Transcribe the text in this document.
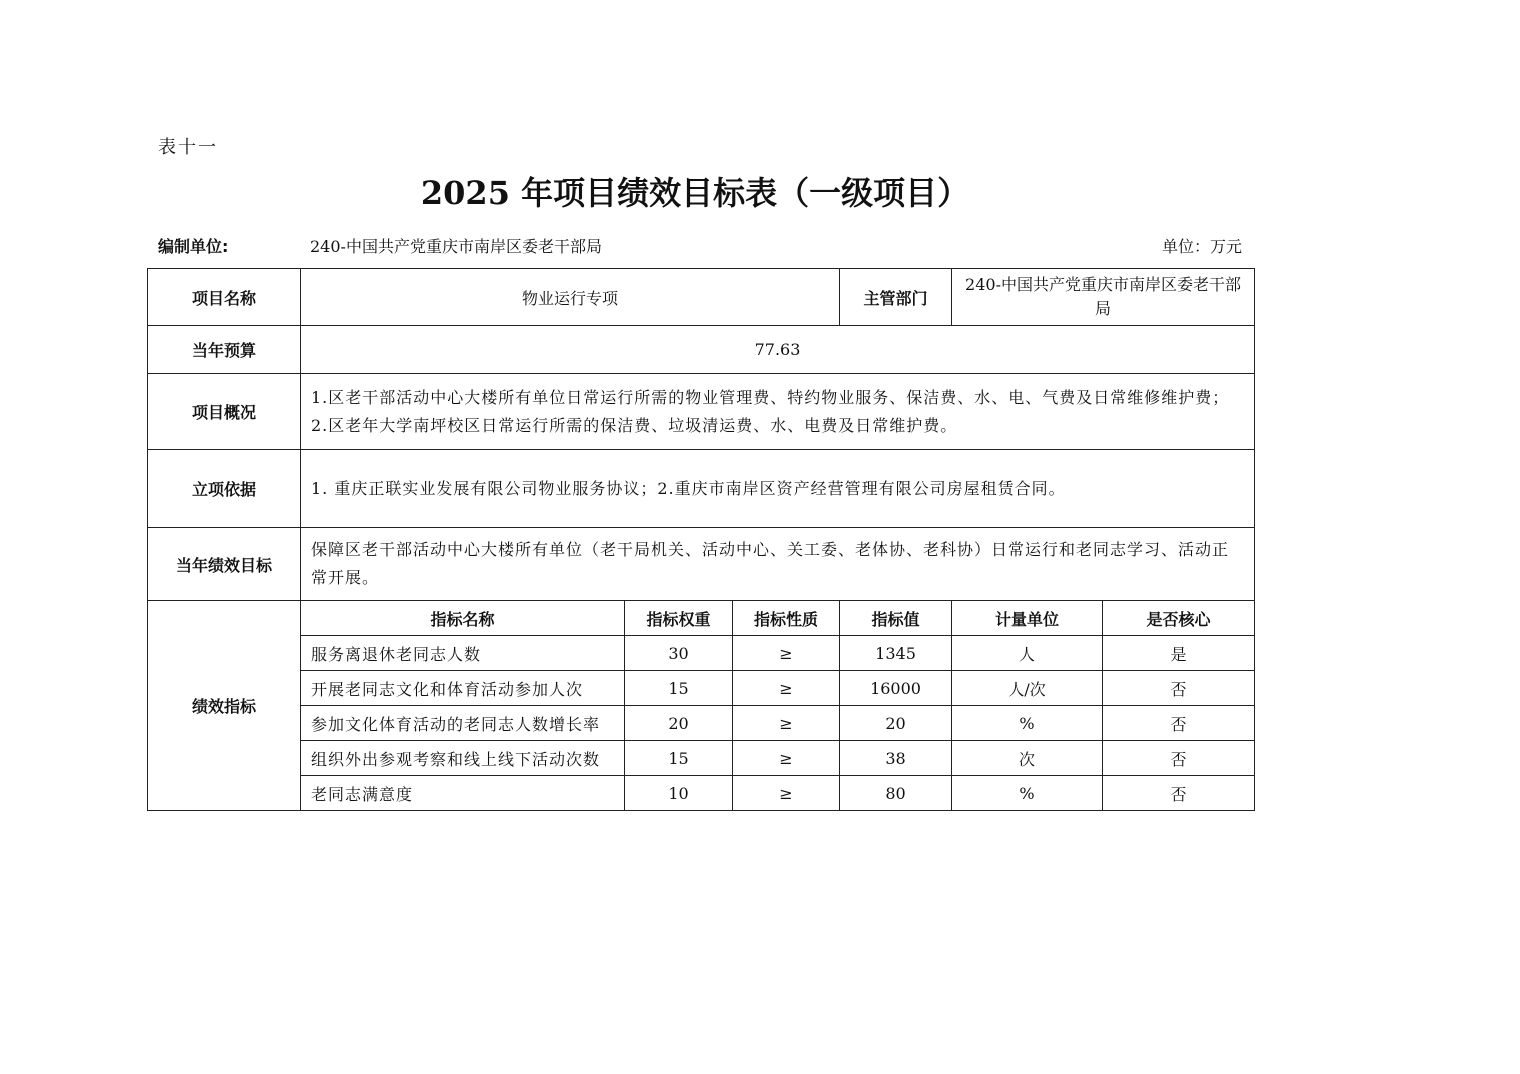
表十一
2025 年项目绩效目标表（一级项目）
编制单位:	240-中国共产党重庆市南岸区委老干部局	单位：万元
项目名称	物业运行专项			主管部门	240-中国共产党重庆市南岸区委老干部局	
当年预算	77.63					
项目概况	1.区老干部活动中心大楼所有单位日常运行所需的物业管理费、特约物业服务、保洁费、水、电、气费及日常维修维护费；2.区老年大学南坪校区日常运行所需的保洁费、垃圾清运费、水、电费及日常维护费。					
立项依据	1. 重庆正联实业发展有限公司物业服务协议；2.重庆市南岸区资产经营管理有限公司房屋租赁合同。					
当年绩效目标	保障区老干部活动中心大楼所有单位（老干局机关、活动中心、关工委、老体协、老科协）日常运行和老同志学习、活动正常开展。					
绩效指标	指标名称	指标权重	指标性质	指标值	计量单位	是否核心
	服务离退休老同志人数	30	≥	1345	人	是
	开展老同志文化和体育活动参加人次	15	≥	16000	人/次	否
	参加文化体育活动的老同志人数增长率	20	≥	20	%	否
	组织外出参观考察和线上线下活动次数	15	≥	38	次	否
	老同志满意度	10	≥	80	%	否
